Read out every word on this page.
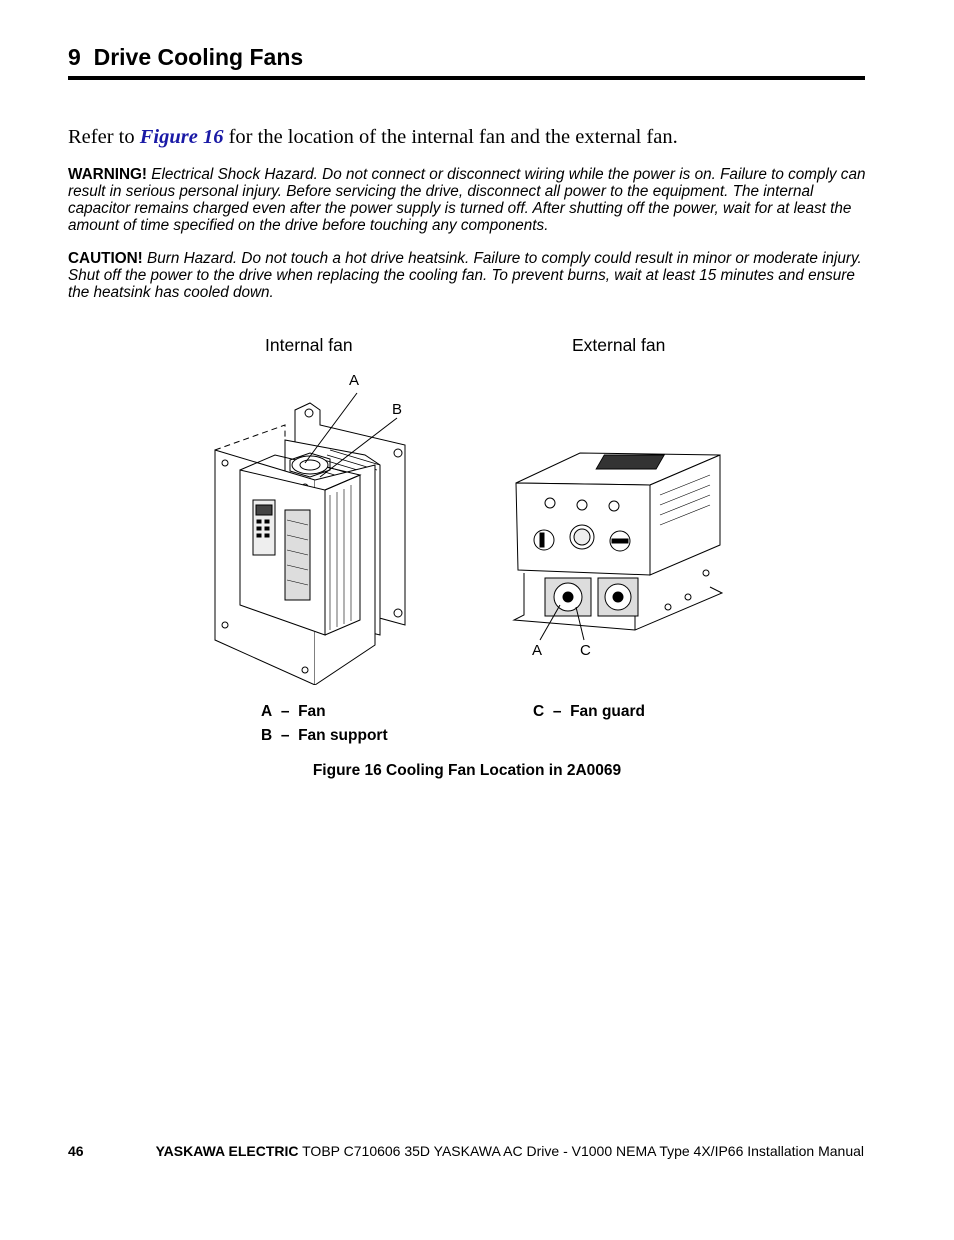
9 Drive Cooling Fans
Refer to Figure 16 for the location of the internal fan and the external fan.
WARNING! Electrical Shock Hazard. Do not connect or disconnect wiring while the power is on. Failure to comply can result in serious personal injury. Before servicing the drive, disconnect all power to the equipment. The internal capacitor remains charged even after the power supply is turned off. After shutting off the power, wait for at least the amount of time specified on the drive before touching any components.
CAUTION! Burn Hazard. Do not touch a hot drive heatsink. Failure to comply could result in minor or moderate injury. Shut off the power to the drive when replacing the cooling fan. To prevent burns, wait at least 15 minutes and ensure the heatsink has cooled down.
Internal fan	External fan
A
B
A	C
A – Fan
B – Fan support
C – Fan guard
Figure 16 Cooling Fan Location in 2A0069
46	YASKAWA ELECTRIC TOBP C710606 35D YASKAWA AC Drive - V1000 NEMA Type 4X/IP66 Installation Manual
